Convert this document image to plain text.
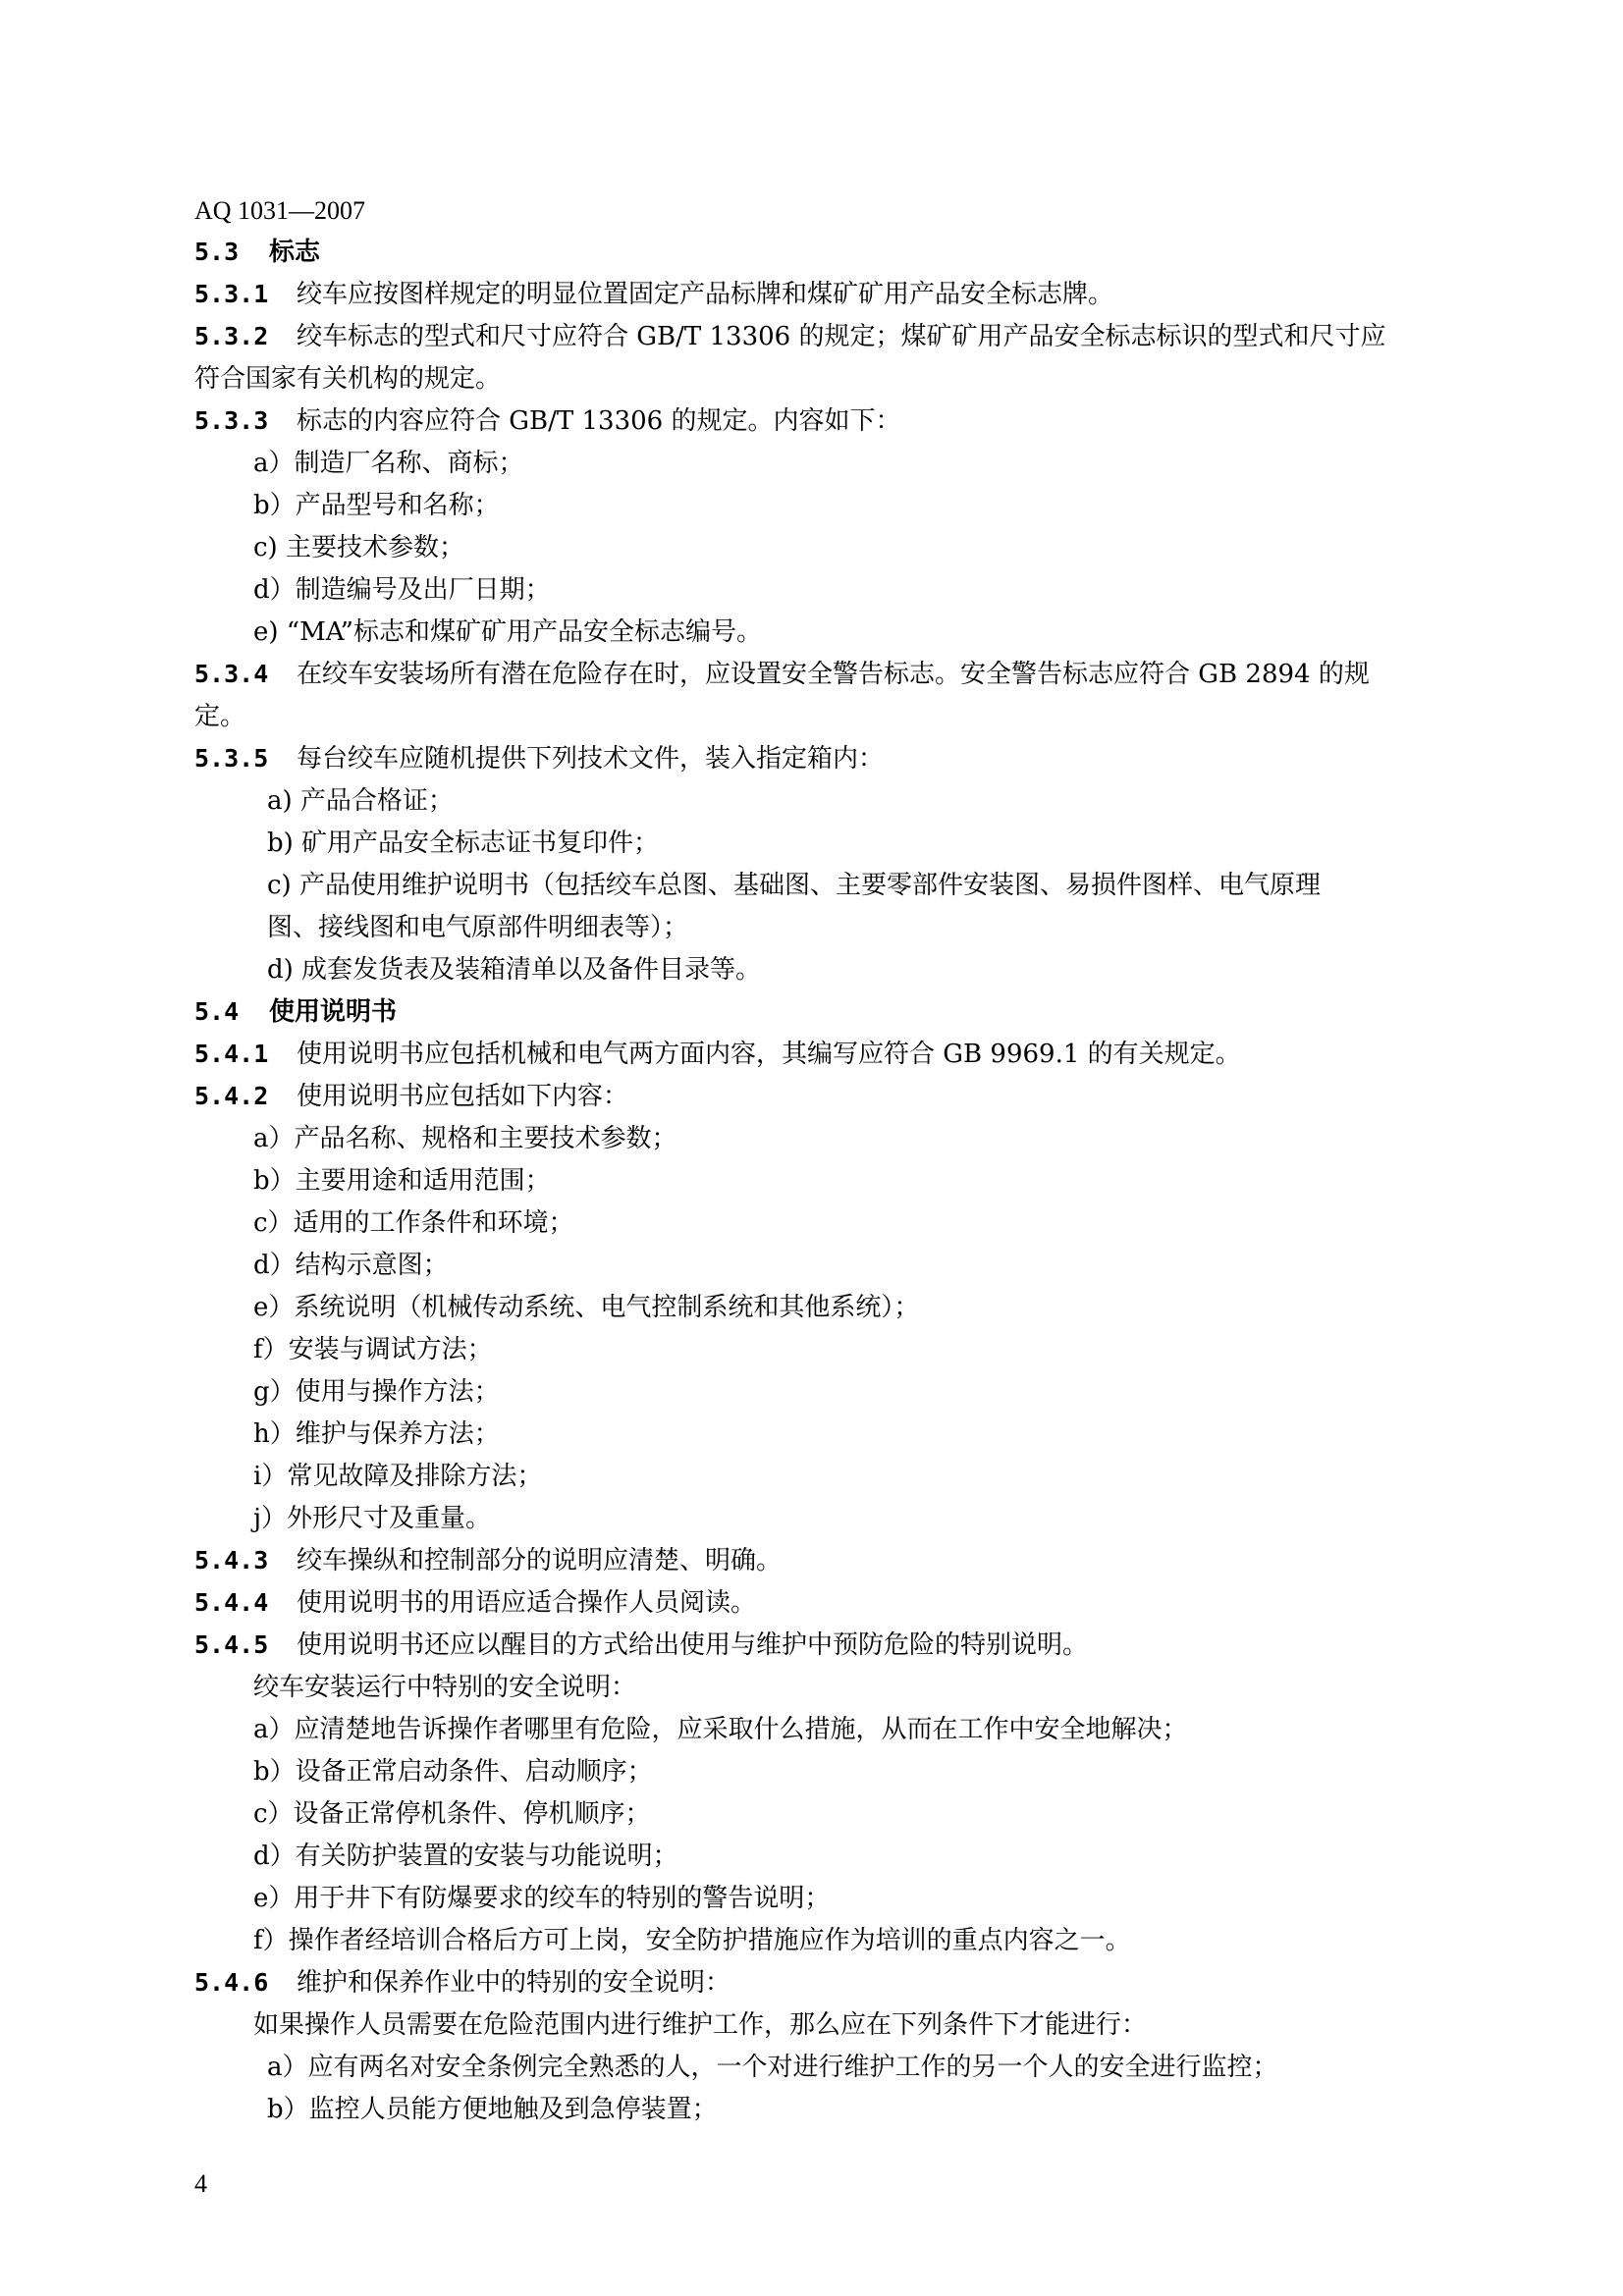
AQ 1031—2007
5.3 标志
5.3.1 绞车应按图样规定的明显位置固定产品标牌和煤矿矿用产品安全标志牌。
5.3.2 绞车标志的型式和尺寸应符合 GB/T 13306 的规定；煤矿矿用产品安全标志标识的型式和尺寸应
符合国家有关机构的规定。
5.3.3 标志的内容应符合 GB/T 13306 的规定。内容如下：
a）制造厂名称、商标；
b）产品型号和名称；
c) 主要技术参数；
d）制造编号及出厂日期；
e) “MA”标志和煤矿矿用产品安全标志编号。
5.3.4 在绞车安装场所有潜在危险存在时，应设置安全警告标志。安全警告标志应符合 GB 2894 的规
定。
5.3.5 每台绞车应随机提供下列技术文件，装入指定箱内：
a) 产品合格证；
b) 矿用产品安全标志证书复印件；
c) 产品使用维护说明书（包括绞车总图、基础图、主要零部件安装图、易损件图样、电气原理
图、接线图和电气原部件明细表等）；
d) 成套发货表及装箱清单以及备件目录等。
5.4 使用说明书
5.4.1 使用说明书应包括机械和电气两方面内容，其编写应符合 GB 9969.1 的有关规定。
5.4.2 使用说明书应包括如下内容：
a）产品名称、规格和主要技术参数；
b）主要用途和适用范围；
c）适用的工作条件和环境；
d）结构示意图；
e）系统说明（机械传动系统、电气控制系统和其他系统）；
f）安装与调试方法；
g）使用与操作方法；
h）维护与保养方法；
i）常见故障及排除方法；
j）外形尺寸及重量。
5.4.3 绞车操纵和控制部分的说明应清楚、明确。
5.4.4 使用说明书的用语应适合操作人员阅读。
5.4.5 使用说明书还应以醒目的方式给出使用与维护中预防危险的特别说明。
绞车安装运行中特别的安全说明：
a）应清楚地告诉操作者哪里有危险，应采取什么措施，从而在工作中安全地解决；
b）设备正常启动条件、启动顺序；
c）设备正常停机条件、停机顺序；
d）有关防护装置的安装与功能说明；
e）用于井下有防爆要求的绞车的特别的警告说明；
f）操作者经培训合格后方可上岗，安全防护措施应作为培训的重点内容之一。
5.4.6 维护和保养作业中的特别的安全说明：
如果操作人员需要在危险范围内进行维护工作，那么应在下列条件下才能进行：
a）应有两名对安全条例完全熟悉的人，一个对进行维护工作的另一个人的安全进行监控；
b）监控人员能方便地触及到急停装置；
4
